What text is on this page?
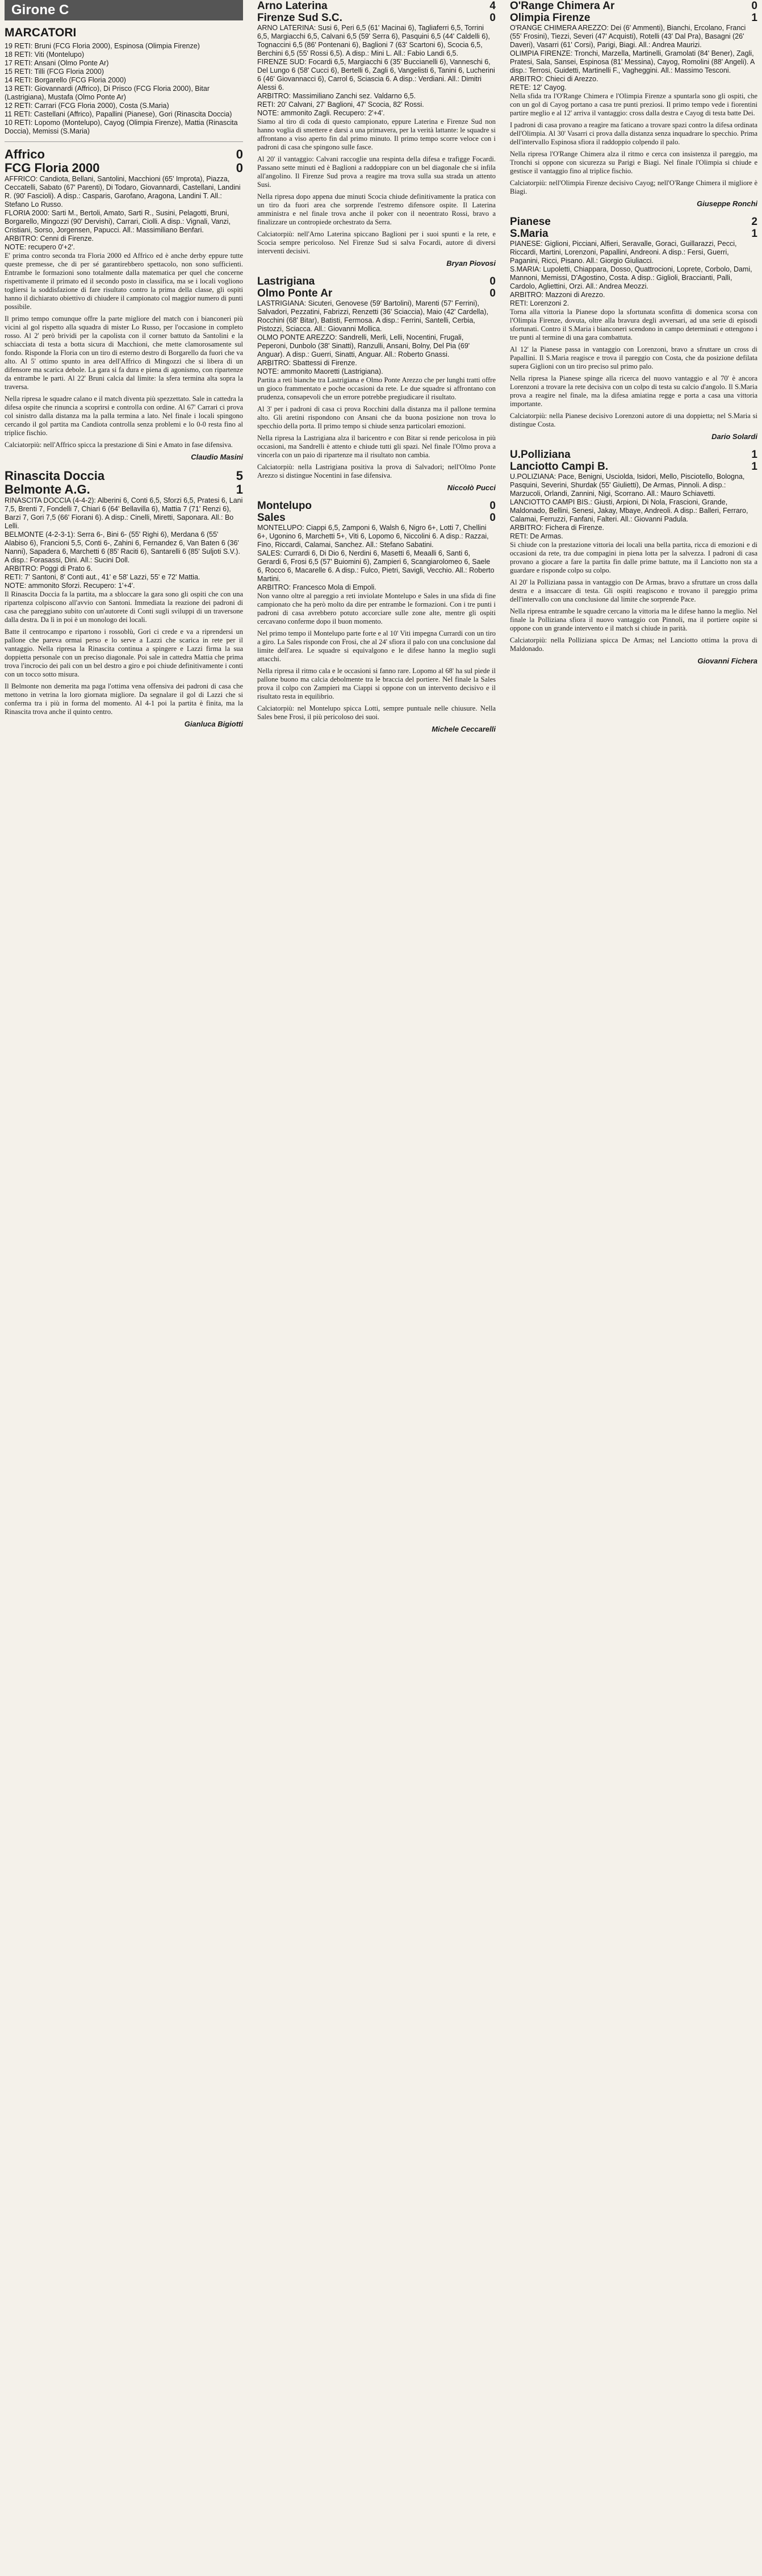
Girone C
MARCATORI

19 RETI: Bruni (FCG Floria 2000), Espinosa (Olimpia Firenze)

18 RETI: Viti (Montelupo)

17 RETI: Ansani (Olmo Ponte Ar)

15 RETI: Tilli (FCG Floria 2000)

14 RETI: Borgarello (FCG Floria 2000)

13 RETI: Giovannardi (Affrico), Di Prisco (FCG Floria 2000), Bitar (Lastrigiana), Mustafa (Olmo Ponte Ar)

12 RETI: Carrari (FCG Floria 2000), Costa (S.Maria)

11 RETI: Castellani (Affrico), Papallini (Pianese), Gori (Rinascita Doccia)

10 RETI: Lopomo (Montelupo), Cayog (Olimpia Firenze), Mattia (Rinascita Doccia), Memissi (S.Maria)

Affrico	0
FCG Floria 2000	0

AFFRICO: Candiota, Bellani, Santolini, Macchioni (65' Improta), Piazza, Ceccatelli, Sabato (67' Parenti), Di Todaro, Giovannardi, Castellani, Landini R. (90' Fascioli). A disp.: Casparis, Garofano, Aragona, Landini T. All.: Stefano Lo Russo.

FLORIA 2000: Sarti M., Bertoli, Amato, Sarti R., Susini, Pelagotti, Bruni, Borgarello, Mingozzi (90' Dervishi), Carrari, Ciolli. A disp.: Vignali, Vanzi, Cristiani, Sorso, Jorgensen, Papucci. All.: Massimiliano Benfari.

ARBITRO: Cenni di Firenze.

NOTE: recupero 0'+2'.

E' prima contro seconda tra Floria 2000 ed Affrico ed è anche derby eppure tutte queste premesse, che di per sé garantirebbero spettacolo, non sono sufficienti. Entrambe le formazioni sono totalmente dalla matematica per quel che concerne rispettivamente il primato ed il secondo posto in classifica, ma se i locali vogliono togliersi la soddisfazione di fare risultato contro la prima della classe, gli ospiti hanno il dichiarato obiettivo di chiudere il campionato col maggior numero di punti possibile.

Il primo tempo comunque offre la parte migliore del match con i bianconeri più vicini al gol rispetto alla squadra di mister Lo Russo, per l'occasione in completo rosso. Al 2' però brividi per la capolista con il corner battuto da Santolini e la schiacciata di testa a botta sicura di Macchioni, che mette clamorosamente sul fondo. Risponde la Floria con un tiro di esterno destro di Borgarello da fuori che va alto. Al 5' ottimo spunto in area dell'Affrico di Mingozzi che si libera di un difensore ma scarica debole. La gara si fa dura e piena di agonismo, con ripartenze da entrambe le parti. Al 22' Bruni calcia dal limite: la sfera termina alta sopra la traversa.

Nella ripresa le squadre calano e il match diventa più spezzettato. Sale in cattedra la difesa ospite che rinuncia a scoprirsi e controlla con ordine. Al 67' Carrari ci prova col sinistro dalla distanza ma la palla termina a lato. Nel finale i locali spingono cercando il gol partita ma Candiota controlla senza problemi e lo 0-0 resta fino al triplice fischio.

Calciatorpiù: nell'Affrico spicca la prestazione di Sini e Amato in fase difensiva.

Claudio Masini
Rinascita Doccia	5
Belmonte A.G.	1

RINASCITA DOCCIA (4-4-2): Alberini 6, Conti 6,5, Sforzi 6,5, Pratesi 6, Lani 7,5, Brenti 7, Fondelli 7, Chiari 6 (64' Bellavilla 6), Mattia 7 (71' Renzi 6), Barzi 7, Gori 7,5 (66' Fiorani 6). A disp.: Cinelli, Miretti, Saponara. All.: Bo Lelli.

BELMONTE (4-2-3-1): Serra 6-, Bini 6- (55' Righi 6), Merdana 6 (55' Alabiso 6), Francioni 5,5, Conti 6-, Zahini 6, Fernandez 6, Van Baten 6 (36' Nanni), Sapadera 6, Marchetti 6 (85' Raciti 6), Santarelli 6 (85' Suljoti S.V.). A disp.: Forasassi, Dini. All.: Sucini Doll.

ARBITRO: Poggi di Prato 6.

RETI: 7' Santoni, 8' Conti aut., 41' e 58' Lazzi, 55' e 72' Mattia.

NOTE: ammonito Sforzi. Recupero: 1'+4'.

Il Rinascita Doccia fa la partita, ma a sbloccare la gara sono gli ospiti che con una ripartenza colpiscono all'avvio con Santoni. Immediata la reazione dei padroni di casa che pareggiano subito con un'autorete di Conti sugli sviluppi di un traversone dalla destra. Da lì in poi è un monologo dei locali.

Batte il centrocampo e ripartono i rossoblù, Gori ci crede e va a riprendersi un pallone che pareva ormai perso e lo serve a Lazzi che scarica in rete per il vantaggio. Nella ripresa la Rinascita continua a spingere e Lazzi firma la sua doppietta personale con un preciso diagonale. Poi sale in cattedra Mattia che prima trova l'incrocio dei pali con un bel destro a giro e poi chiude definitivamente i conti con un tocco sotto misura.

Il Belmonte non demerita ma paga l'ottima vena offensiva dei padroni di casa che mettono in vetrina la loro giornata migliore. Da segnalare il gol di Lazzi che si conferma tra i più in forma del momento. Al 4-1 poi la partita è finita, ma la Rinascita trova anche il quinto centro.

Gianluca Bigiotti
Arno Laterina	4
Firenze Sud S.C.	0

ARNO LATERINA: Susi 6, Peri 6,5 (61' Macinai 6), Tagliaferri 6,5, Torrini 6,5, Margiacchi 6,5, Calvani 6,5 (59' Serra 6), Pasquini 6,5 (44' Caldelli 6), Tognaccini 6,5 (86' Pontenani 6), Baglioni 7 (63' Scartoni 6), Scocia 6,5, Berchini 6,5 (55' Rossi 6,5). A disp.: Mini L. All.: Fabio Landi 6,5.

FIRENZE SUD: Focardi 6,5, Margiacchi 6 (35' Buccianelli 6), Vanneschi 6, Del Lungo 6 (58' Cucci 6), Bertelli 6, Zagli 6, Vangelisti 6, Tanini 6, Lucherini 6 (46' Giovannacci 6), Carrol 6, Sciascia 6. A disp.: Verdiani. All.: Dimitri Alessi 6.

ARBITRO: Massimiliano Zanchi sez. Valdarno 6,5.

RETI: 20' Calvani, 27' Baglioni, 47' Scocia, 82' Rossi.

NOTE: ammonito Zagli. Recupero: 2'+4'.

Siamo al tiro di coda di questo campionato, eppure Laterina e Firenze Sud non hanno voglia di smettere e darsi a una primavera, per la verità lattante: le squadre si affrontano a viso aperto fin dal primo minuto. Il primo tempo scorre veloce con i padroni di casa che spingono sulle fasce.

Al 20' il vantaggio: Calvani raccoglie una respinta della difesa e trafigge Focardi. Passano sette minuti ed è Baglioni a raddoppiare con un bel diagonale che si infila all'angolino. Il Firenze Sud prova a reagire ma trova sulla sua strada un attento Susi.

Nella ripresa dopo appena due minuti Scocia chiude definitivamente la pratica con un tiro da fuori area che sorprende l'estremo difensore ospite. Il Laterina amministra e nel finale trova anche il poker con il neoentrato Rossi, bravo a finalizzare un contropiede orchestrato da Serra.

Calciatorpiù: nell'Arno Laterina spiccano Baglioni per i suoi spunti e la rete, e Scocia sempre pericoloso. Nel Firenze Sud si salva Focardi, autore di diversi interventi decisivi.

Bryan Piovosi
Lastrigiana	0
Olmo Ponte Ar	0

LASTRIGIANA: Sicuteri, Genovese (59' Bartolini), Marenti (57' Ferrini), Salvadori, Pezzatini, Fabrizzi, Renzetti (36' Sciaccia), Maio (42' Cardella), Rocchini (68' Bitar), Batisti, Fermosa. A disp.: Ferrini, Santelli, Cerbia, Pistozzi, Sciacca. All.: Giovanni Mollica.

OLMO PONTE AREZZO: Sandrelli, Merli, Lelli, Nocentini, Frugali, Peperoni, Dunbolo (38' Sinatti), Ranzulli, Ansani, Bolny, Del Pia (69' Anguar). A disp.: Guerri, Sinatti, Anguar. All.: Roberto Gnassi.

ARBITRO: Sbattessi di Firenze.

NOTE: ammonito Maoretti (Lastrigiana).

Partita a reti bianche tra Lastrigiana e Olmo Ponte Arezzo che per lunghi tratti offre un gioco frammentato e poche occasioni da rete. Le due squadre si affrontano con prudenza, consapevoli che un errore potrebbe pregiudicare il risultato.

Al 3' per i padroni di casa ci prova Rocchini dalla distanza ma il pallone termina alto. Gli aretini rispondono con Ansani che da buona posizione non trova lo specchio della porta. Il primo tempo si chiude senza particolari emozioni.

Nella ripresa la Lastrigiana alza il baricentro e con Bitar si rende pericolosa in più occasioni, ma Sandrelli è attento e chiude tutti gli spazi. Nel finale l'Olmo prova a vincerla con un paio di ripartenze ma il risultato non cambia.

Calciatorpiù: nella Lastrigiana positiva la prova di Salvadori; nell'Olmo Ponte Arezzo si distingue Nocentini in fase difensiva.

Niccolò Pucci
Montelupo	0
Sales	0

MONTELUPO: Ciappi 6,5, Zamponi 6, Walsh 6, Nigro 6+, Lotti 7, Chellini 6+, Ugonino 6, Marchetti 5+, Viti 6, Lopomo 6, Niccolini 6. A disp.: Razzai, Fino, Riccardi, Calamai, Sanchez. All.: Stefano Sabatini.

SALES: Currardi 6, Di Dio 6, Nerdini 6, Masetti 6, Meaalli 6, Santi 6, Gerardi 6, Frosi 6,5 (57' Buiomini 6), Zampieri 6, Scangiarolomeo 6, Saele 6, Rocco 6, Macarelle 6. A disp.: Fulco, Pietri, Savigli, Vecchio. All.: Roberto Martini.

ARBITRO: Francesco Mola di Empoli.

Non vanno oltre al pareggio a reti inviolate Montelupo e Sales in una sfida di fine campionato che ha però molto da dire per entrambe le formazioni. Con i tre punti i padroni di casa avrebbero potuto accorciare sulle zone alte, mentre gli ospiti cercavano conferme dopo il buon momento.

Nel primo tempo il Montelupo parte forte e al 10' Viti impegna Currardi con un tiro a giro. La Sales risponde con Frosi, che al 24' sfiora il palo con una conclusione dal limite dell'area. Le squadre si equivalgono e le difese hanno la meglio sugli attacchi.

Nella ripresa il ritmo cala e le occasioni si fanno rare. Lopomo al 68' ha sul piede il pallone buono ma calcia debolmente tra le braccia del portiere. Nel finale la Sales prova il colpo con Zampieri ma Ciappi si oppone con un intervento decisivo e il risultato resta in equilibrio.

Calciatorpiù: nel Montelupo spicca Lotti, sempre puntuale nelle chiusure. Nella Sales bene Frosi, il più pericoloso dei suoi.

Michele Ceccarelli
O'Range Chimera Ar	0
Olimpia Firenze	1

O'RANGE CHIMERA AREZZO: Dei (6' Ammenti), Bianchi, Ercolano, Franci (55' Frosini), Tiezzi, Severi (47' Acquisti), Rotelli (43' Dal Pra), Basagni (26' Daveri), Vasarri (61' Corsi), Parigi, Biagi. All.: Andrea Maurizi.

OLIMPIA FIRENZE: Tronchi, Marzella, Martinelli, Gramolati (84' Bener), Zagli, Pratesi, Sala, Sansei, Espinosa (81' Messina), Cayog, Romolini (88' Angeli). A disp.: Terrosi, Guidetti, Martinelli F., Vagheggini. All.: Massimo Tesconi.

ARBITRO: Chieci di Arezzo.

RETE: 12' Cayog.

Nella sfida tra l'O'Range Chimera e l'Olimpia Firenze a spuntarla sono gli ospiti, che con un gol di Cayog portano a casa tre punti preziosi. Il primo tempo vede i fiorentini partire meglio e al 12' arriva il vantaggio: cross dalla destra e Cayog di testa batte Dei.

I padroni di casa provano a reagire ma faticano a trovare spazi contro la difesa ordinata dell'Olimpia. Al 30' Vasarri ci prova dalla distanza senza inquadrare lo specchio. Prima dell'intervallo Espinosa sfiora il raddoppio colpendo il palo.

Nella ripresa l'O'Range Chimera alza il ritmo e cerca con insistenza il pareggio, ma Tronchi si oppone con sicurezza su Parigi e Biagi. Nel finale l'Olimpia si chiude e gestisce il vantaggio fino al triplice fischio.

Calciatorpiù: nell'Olimpia Firenze decisivo Cayog; nell'O'Range Chimera il migliore è Biagi.

Giuseppe Ronchi
Pianese	2
S.Maria	1

PIANESE: Giglioni, Picciani, Alfieri, Seravalle, Goraci, Guillarazzi, Pecci, Riccardi, Martini, Lorenzoni, Papallini, Andreoni. A disp.: Fersi, Guerri, Paganini, Ricci, Pisano. All.: Giorgio Giuliacci.

S.MARIA: Lupoletti, Chiappara, Dosso, Quattrocioni, Loprete, Corbolo, Dami, Mannoni, Memissi, D'Agostino, Costa. A disp.: Giglioli, Braccianti, Palli, Cardolo, Agliettini, Orzi. All.: Andrea Meozzi.

ARBITRO: Mazzoni di Arezzo.

RETI: Lorenzoni 2.

Torna alla vittoria la Pianese dopo la sfortunata sconfitta di domenica scorsa con l'Olimpia Firenze, dovuta, oltre alla bravura degli avversari, ad una serie di episodi sfortunati. Contro il S.Maria i bianconeri scendono in campo determinati e ottengono i tre punti al termine di una gara combattuta.

Al 12' la Pianese passa in vantaggio con Lorenzoni, bravo a sfruttare un cross di Papallini. Il S.Maria reagisce e trova il pareggio con Costa, che da posizione defilata supera Giglioni con un tiro preciso sul primo palo.

Nella ripresa la Pianese spinge alla ricerca del nuovo vantaggio e al 70' è ancora Lorenzoni a trovare la rete decisiva con un colpo di testa su calcio d'angolo. Il S.Maria prova a reagire nel finale, ma la difesa amiatina regge e porta a casa una vittoria importante.

Calciatorpiù: nella Pianese decisivo Lorenzoni autore di una doppietta; nel S.Maria si distingue Costa.

Dario Solardi
U.Polliziana	1
Lanciotto Campi B.	1

U.POLIZIANA: Pace, Benigni, Usciolda, Isidori, Mello, Pisciotello, Bologna, Pasquini, Severini, Shurdak (55' Giulietti), De Armas, Pinnoli. A disp.: Marzucoli, Orlandi, Zannini, Nigi, Scorrano. All.: Mauro Schiavetti.

LANCIOTTO CAMPI BIS.: Giusti, Arpioni, Di Nola, Frascioni, Grande, Maldonado, Bellini, Senesi, Jakay, Mbaye, Andreoli. A disp.: Balleri, Ferraro, Calamai, Ferruzzi, Fanfani, Falteri. All.: Giovanni Padula.

ARBITRO: Fichera di Firenze.

RETI: De Armas.

Si chiude con la prestazione vittoria dei locali una bella partita, ricca di emozioni e di occasioni da rete, tra due compagini in piena lotta per la salvezza. I padroni di casa provano a giocare a fare la partita fin dalle prime battute, ma il Lanciotto non sta a guardare e risponde colpo su colpo.

Al 20' la Polliziana passa in vantaggio con De Armas, bravo a sfruttare un cross dalla destra e a insaccare di testa. Gli ospiti reagiscono e trovano il pareggio prima dell'intervallo con una conclusione dal limite che sorprende Pace.

Nella ripresa entrambe le squadre cercano la vittoria ma le difese hanno la meglio. Nel finale la Polliziana sfiora il nuovo vantaggio con Pinnoli, ma il portiere ospite si oppone con un grande intervento e il match si chiude in parità.

Calciatorpiù: nella Polliziana spicca De Armas; nel Lanciotto ottima la prova di Maldonado.

Giovanni Fichera
